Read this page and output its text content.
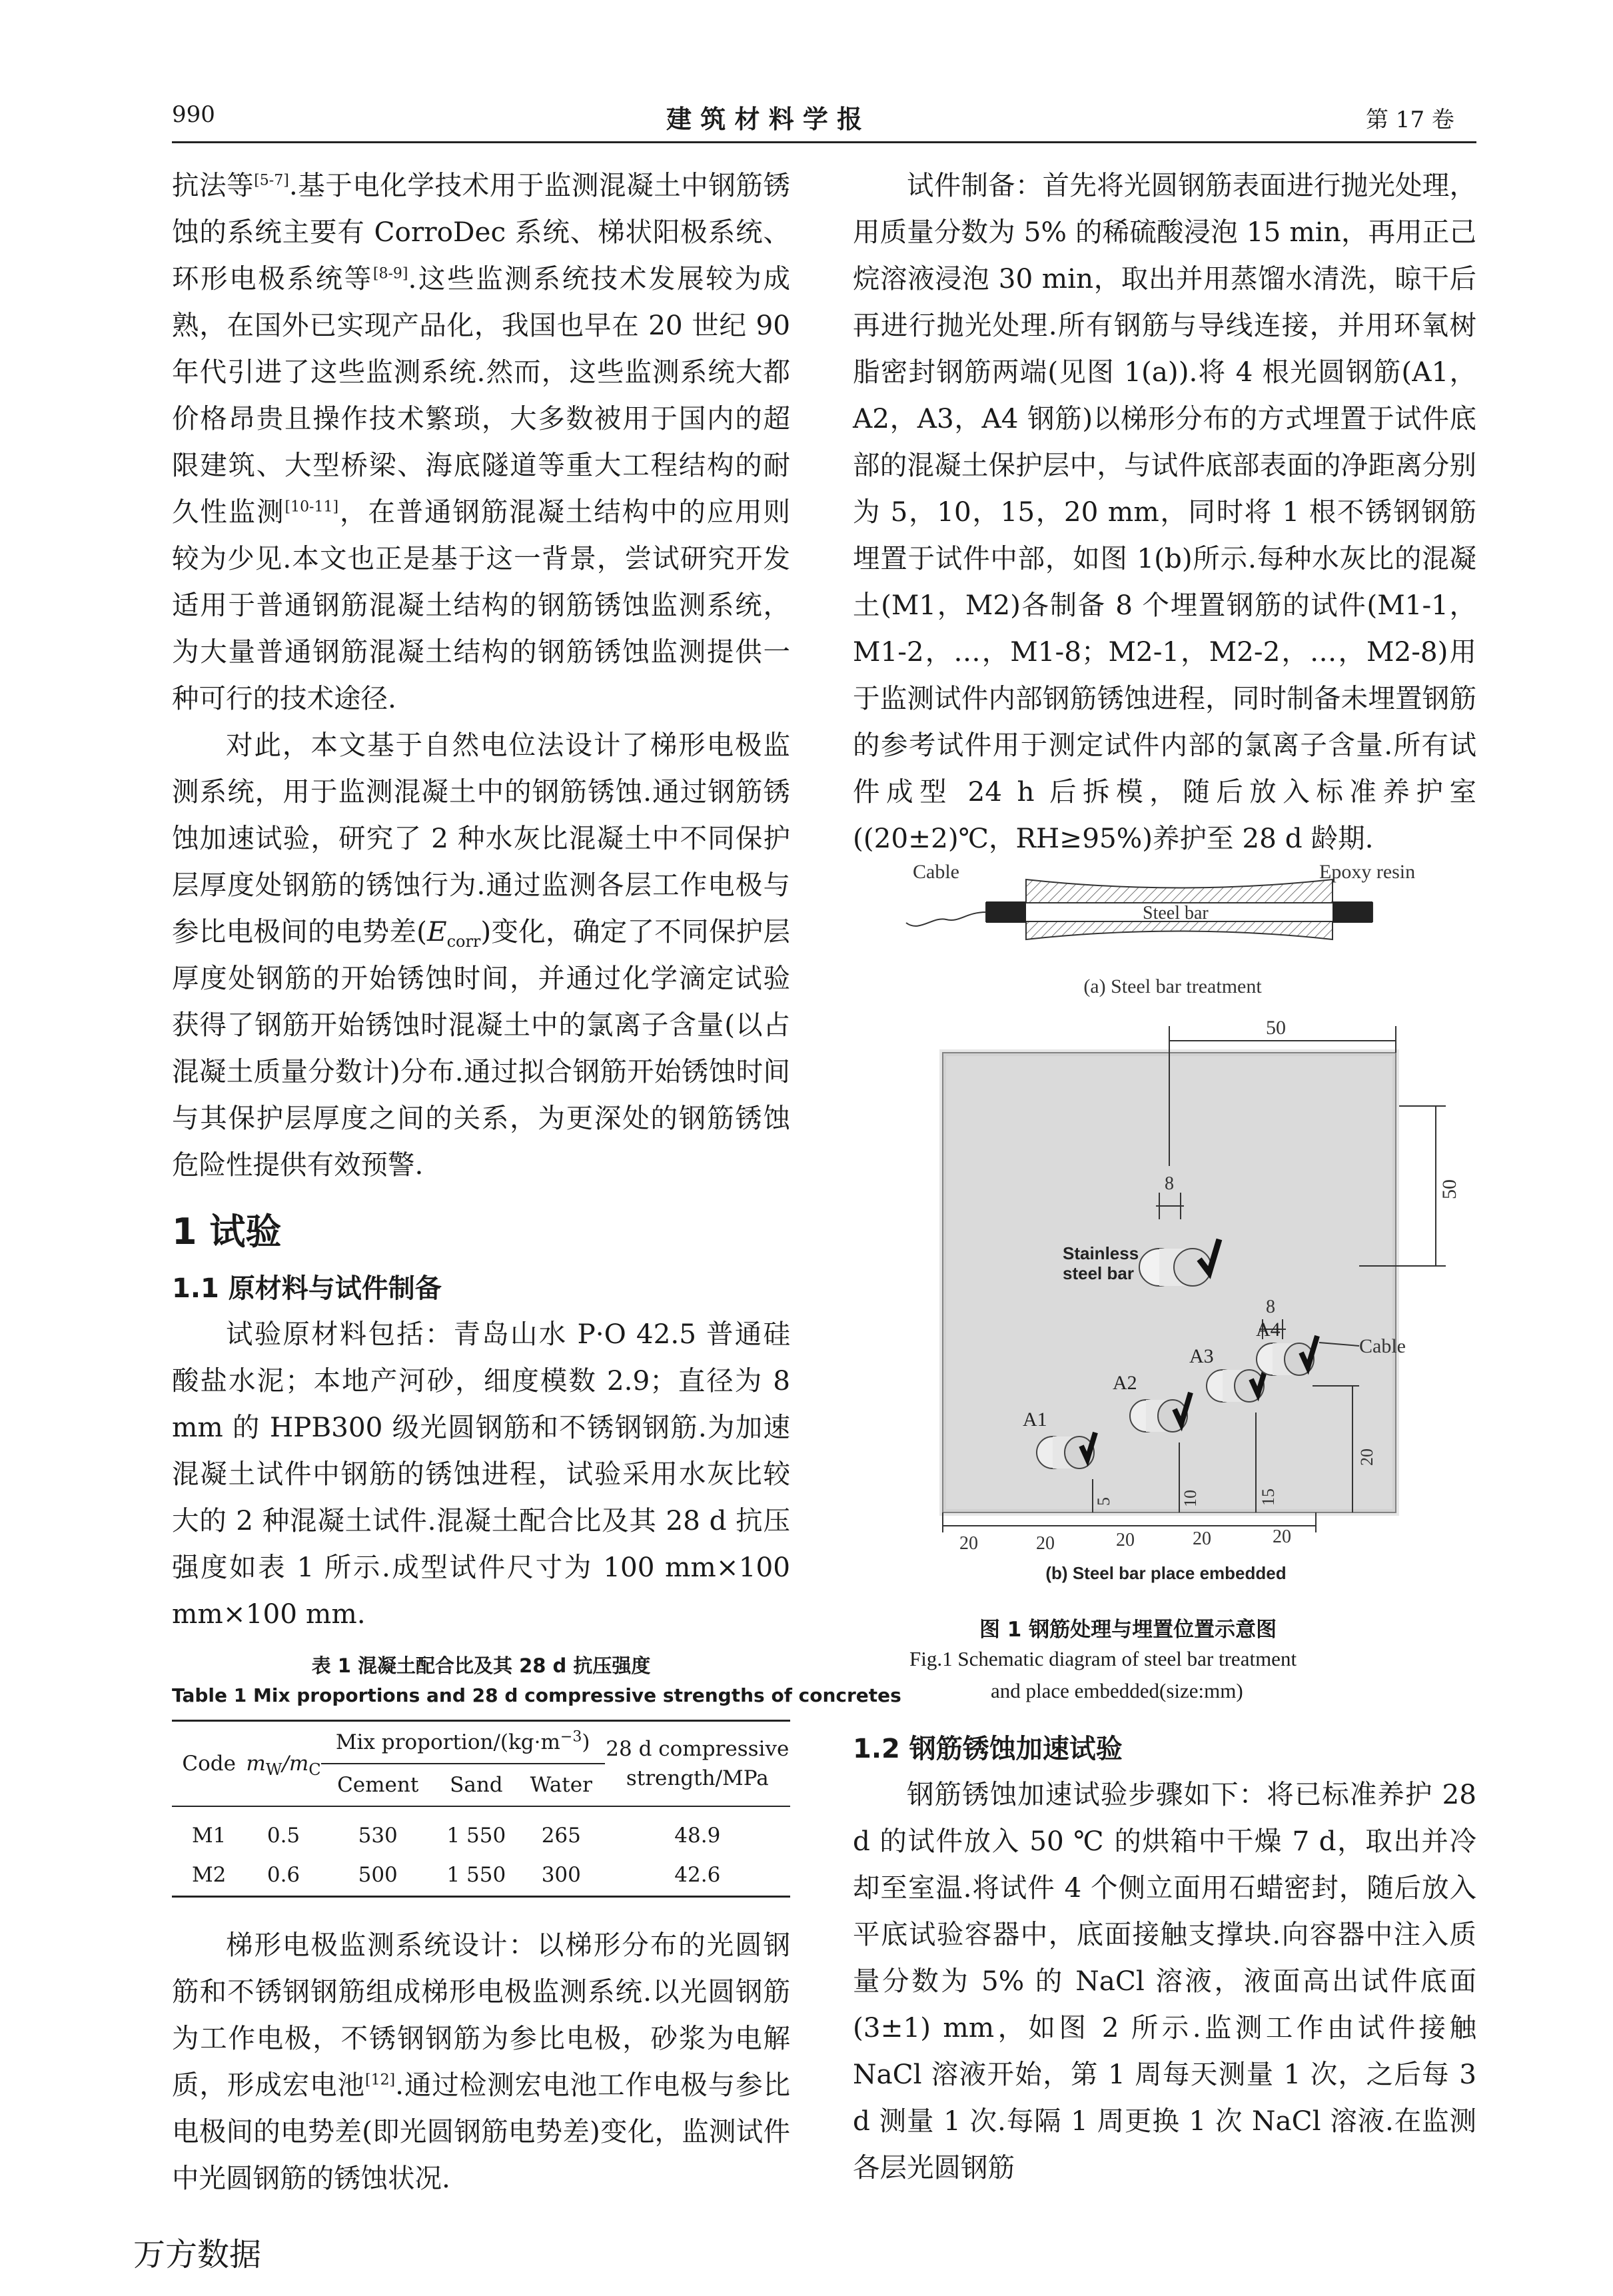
990	建 筑 材 料 学 报	第 17 卷

抗法等[5-7].基于电化学技术用于监测混凝土中钢筋锈蚀的系统主要有 CorroDec 系统、梯状阳极系统、环形电极系统等[8-9].这些监测系统技术发展较为成熟，在国外已实现产品化，我国也早在 20 世纪 90 年代引进了这些监测系统.然而，这些监测系统大都价格昂贵且操作技术繁琐，大多数被用于国内的超限建筑、大型桥梁、海底隧道等重大工程结构的耐久性监测[10-11]，在普通钢筋混凝土结构中的应用则较为少见.本文也正是基于这一背景，尝试研究开发适用于普通钢筋混凝土结构的钢筋锈蚀监测系统，为大量普通钢筋混凝土结构的钢筋锈蚀监测提供一种可行的技术途径.

对此，本文基于自然电位法设计了梯形电极监测系统，用于监测混凝土中的钢筋锈蚀.通过钢筋锈蚀加速试验，研究了 2 种水灰比混凝土中不同保护层厚度处钢筋的锈蚀行为.通过监测各层工作电极与参比电极间的电势差$(E_{corr})$变化，确定了不同保护层厚度处钢筋的开始锈蚀时间，并通过化学滴定试验获得了钢筋开始锈蚀时混凝土中的氯离子含量(以占混凝土质量分数计)分布.通过拟合钢筋开始锈蚀时间与其保护层厚度之间的关系，为更深处的钢筋锈蚀危险性提供有效预警.

1 试验
1.1 原材料与试件制备

试验原材料包括：青岛山水 P·O 42.5 普通硅酸盐水泥；本地产河砂，细度模数 2.9；直径为 8 mm 的 HPB300 级光圆钢筋和不锈钢钢筋.为加速混凝土试件中钢筋的锈蚀进程，试验采用水灰比较大的 2 种混凝土试件.混凝土配合比及其 28 d 抗压强度如表 1 所示.成型试件尺寸为 100 mm×100 mm×100 mm.

表 1 混凝土配合比及其 28 d 抗压强度
Table 1 Mix proportions and 28 d compressive strengths of concretes
Code	$m_W/m_C$	Mix proportion/$(kg\cdot m^{-3})$			28 d compressive
strength/MPa
		Cement	Sand	Water	
M1	0.5	530	1 550	265	48.9
M2	0.6	500	1 550	300	42.6

梯形电极监测系统设计：以梯形分布的光圆钢筋和不锈钢钢筋组成梯形电极监测系统.以光圆钢筋为工作电极，不锈钢钢筋为参比电极，砂浆为电解质，形成宏电池[12].通过检测宏电池工作电极与参比电极间的电势差(即光圆钢筋电势差)变化，监测试件中光圆钢筋的锈蚀状况.

试件制备：首先将光圆钢筋表面进行抛光处理，用质量分数为 5% 的稀硫酸浸泡 15 min，再用正己烷溶液浸泡 30 min，取出并用蒸馏水清洗，晾干后再进行抛光处理.所有钢筋与导线连接，并用环氧树脂密封钢筋两端(见图 1(a)).将 4 根光圆钢筋(A1，A2，A3，A4 钢筋)以梯形分布的方式埋置于试件底部的混凝土保护层中，与试件底部表面的净距离分别为 5，10，15，20 mm，同时将 1 根不锈钢钢筋埋置于试件中部，如图 1(b)所示.每种水灰比的混凝土(M1，M2)各制备 8 个埋置钢筋的试件(M1-1，M1-2，…，M1-8；M2-1，M2-2，…，M2-8)用于监测试件内部钢筋锈蚀进程，同时制备未埋置钢筋的参考试件用于测定试件内部的氯离子含量.所有试件成型 24 h 后拆模，随后放入标准养护室((20±2)℃，RH≥95%)养护至 28 d 龄期.

Cable	Epoxy resin
Steel bar
(a) Steel bar treatment
50
50
8
Stainless
steel bar
8
Cable
A1
A2
A3
A4
5	10	15
20
20	20	20	20	20
(b) Steel bar place embedded
图 1 钢筋处理与埋置位置示意图
Fig.1 Schematic diagram of steel bar treatment
and place embedded(size:mm)
1.2 钢筋锈蚀加速试验

钢筋锈蚀加速试验步骤如下：将已标准养护 28 d 的试件放入 50 ℃ 的烘箱中干燥 7 d，取出并冷却至室温.将试件 4 个侧立面用石蜡密封，随后放入平底试验容器中，底面接触支撑块.向容器中注入质量分数为 5% 的 NaCl 溶液，液面高出试件底面(3±1) mm，如图 2 所示.监测工作由试件接触 NaCl 溶液开始，第 1 周每天测量 1 次，之后每 3 d 测量 1 次.每隔 1 周更换 1 次 NaCl 溶液.在监测各层光圆钢筋

万方数据
